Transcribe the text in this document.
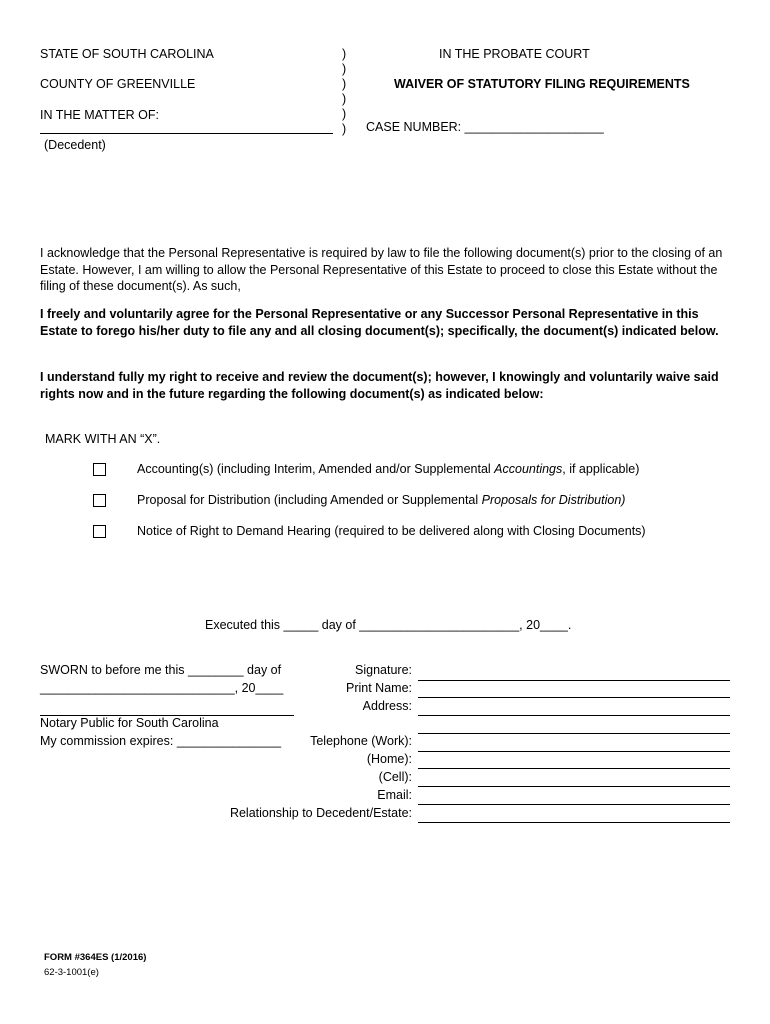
STATE OF SOUTH CAROLINA
COUNTY OF GREENVILLE
IN THE MATTER OF:
(Decedent)
)
)
)
)
)
)
IN THE PROBATE COURT
WAIVER OF STATUTORY FILING REQUIREMENTS
CASE NUMBER: ____________________
I acknowledge that the Personal Representative is required by law to file the following document(s) prior to the closing of an Estate. However, I am willing to allow the Personal Representative of this Estate to proceed to close this Estate without the filing of these document(s). As such,
I freely and voluntarily agree for the Personal Representative or any Successor Personal Representative in this Estate to forego his/her duty to file any and all closing document(s); specifically, the document(s) indicated below.
I understand fully my right to receive and review the document(s); however, I knowingly and voluntarily waive said rights now and in the future regarding the following document(s) as indicated below:
MARK WITH AN “X”.
Accounting(s) (including Interim, Amended and/or Supplemental Accountings, if applicable)
Proposal for Distribution (including Amended or Supplemental Proposals for Distribution)
Notice of Right to Demand Hearing (required to be delivered along with Closing Documents)
Executed this _____ day of _______________________, 20____.
SWORN to before me this ________ day of
____________________________, 20____
Notary Public for South Carolina
My commission expires: _______________
Signature:
Print Name:
Address:
Telephone (Work):
(Home):
(Cell):
Email:
Relationship to Decedent/Estate:
FORM #364ES (1/2016)
62-3-1001(e)
